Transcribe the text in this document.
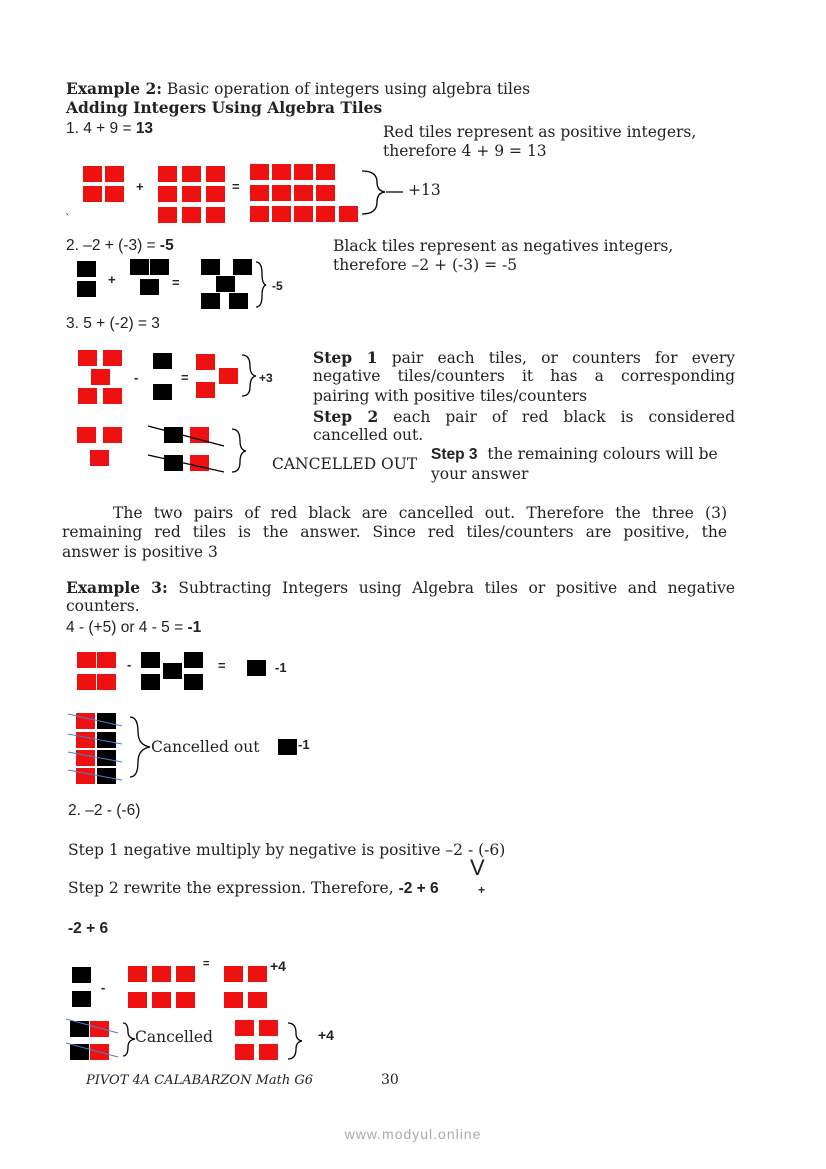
Example 2: Basic operation of integers using algebra tiles
Adding Integers Using Algebra Tiles
1. 4 + 9 = 13	Red tiles represent as positive integers,
therefore 4 + 9 = 13
+	=	+13
`
2. –2 + (-3) = -5	Black tiles represent as negatives integers,
therefore –2 + (-3) = -5
+	=	-5
3. 5 + (-2) = 3
-	=	+3
CANCELLED OUT
Step 1 pair each tiles, or counters for every
negative tiles/counters it has a corresponding
pairing with positive tiles/counters
Step 2 each pair of red black is considered
cancelled out.
Step 3 the remaining colours will be
your answer
The two pairs of red black are cancelled out. Therefore the three (3)
remaining red tiles is the answer. Since red tiles/counters are positive, the
answer is positive 3
Example 3: Subtracting Integers using Algebra tiles or positive and negative
counters.
4 - (+5) or 4 - 5 = -1
-	=	-1
Cancelled out	-1
2. –2 - (-6)
Step 1 negative multiply by negative is positive –2 - (-6)
Step 2 rewrite the expression. Therefore, -2 + 6
V
+
-2 + 6
-
=	+4
Cancelled	+4
PIVOT 4A CALABARZON Math G6	30
www.modyul.online
